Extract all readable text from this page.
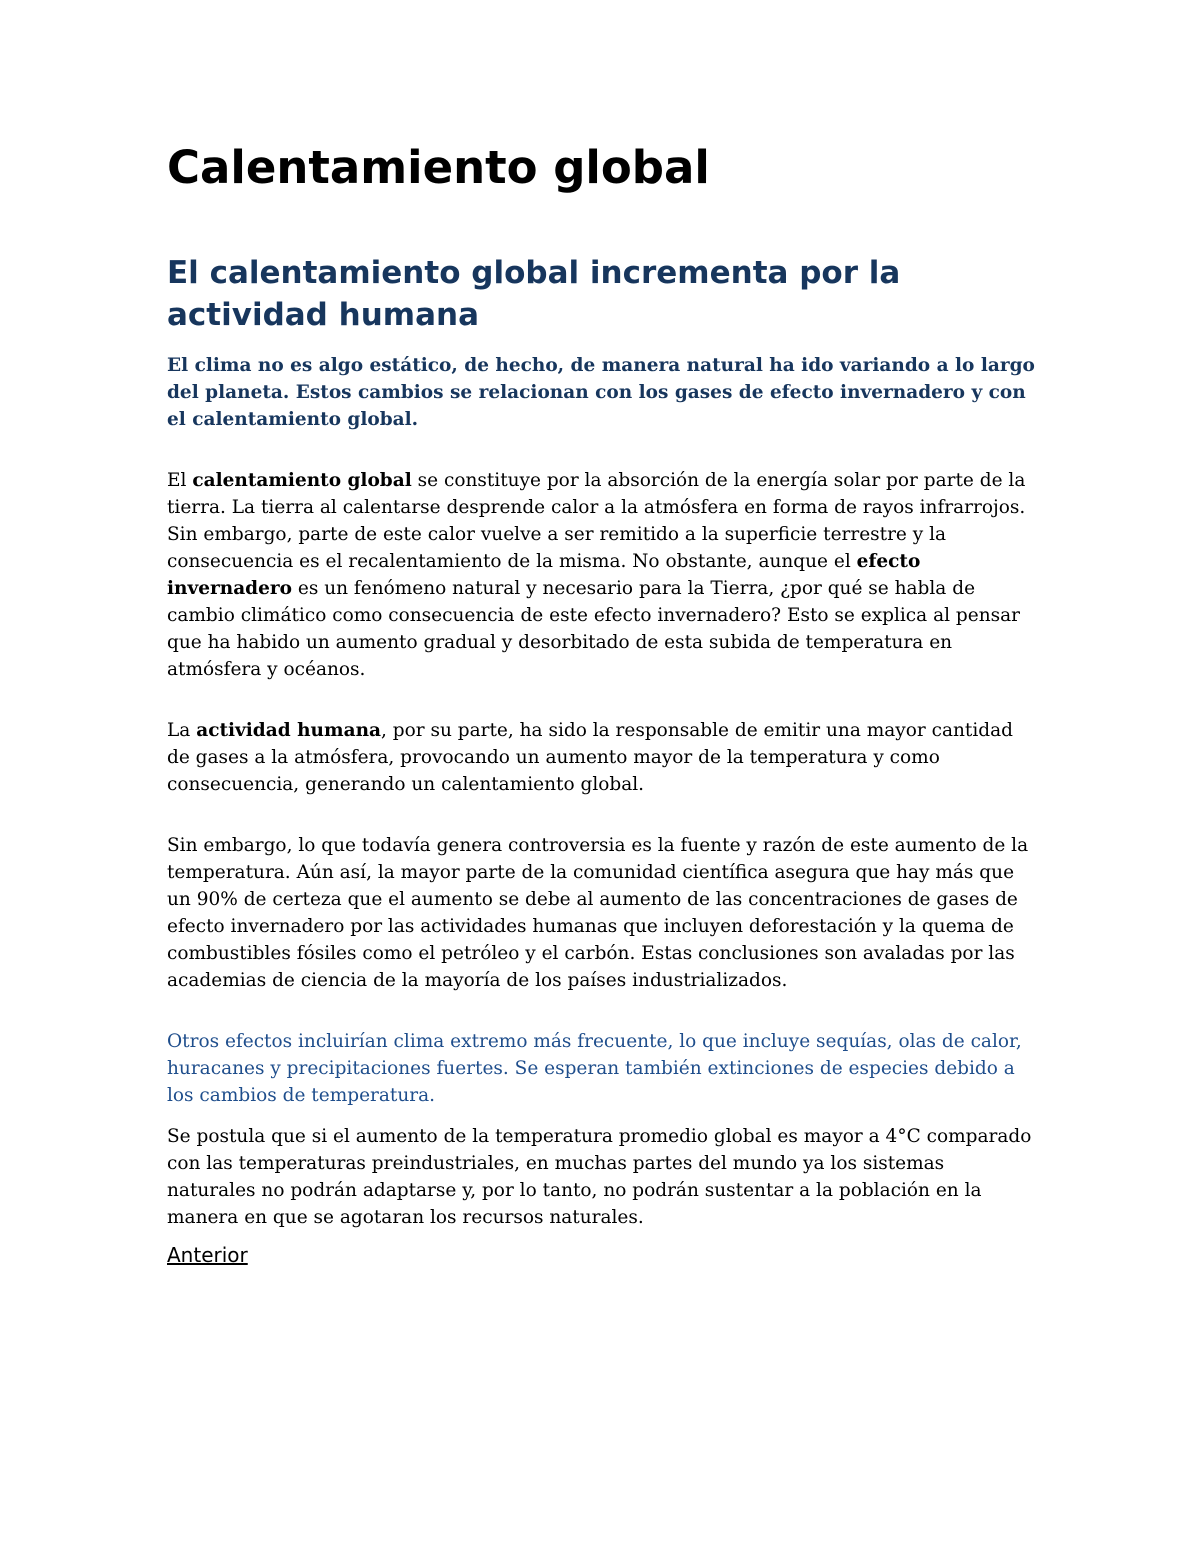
Calentamiento global
El calentamiento global incrementa por la actividad humana

El clima no es algo estático, de hecho, de manera natural ha ido variando a lo largo del planeta. Estos cambios se relacionan con los gases de efecto invernadero y con el calentamiento global.

El calentamiento global se constituye por la absorción de la energía solar por parte de la tierra. La tierra al calentarse desprende calor a la atmósfera en forma de rayos infrarrojos. Sin embargo, parte de este calor vuelve a ser remitido a la superficie terrestre y la consecuencia es el recalentamiento de la misma. No obstante, aunque el efecto invernadero es un fenómeno natural y necesario para la Tierra, ¿por qué se habla de cambio climático como consecuencia de este efecto invernadero? Esto se explica al pensar que ha habido un aumento gradual y desorbitado de esta subida de temperatura en atmósfera y océanos.

La actividad humana, por su parte, ha sido la responsable de emitir una mayor cantidad de gases a la atmósfera, provocando un aumento mayor de la temperatura y como consecuencia, generando un calentamiento global.

Sin embargo, lo que todavía genera controversia es la fuente y razón de este aumento de la temperatura. Aún así, la mayor parte de la comunidad científica asegura que hay más que un 90% de certeza que el aumento se debe al aumento de las concentraciones de gases de efecto invernadero por las actividades humanas que incluyen deforestación y la quema de combustibles fósiles como el petróleo y el carbón. Estas conclusiones son avaladas por las academias de ciencia de la mayoría de los países industrializados.

Otros efectos incluirían clima extremo más frecuente, lo que incluye sequías, olas de calor, huracanes y precipitaciones fuertes. Se esperan también extinciones de especies debido a los cambios de temperatura.

Se postula que si el aumento de la temperatura promedio global es mayor a 4°C comparado con las temperaturas preindustriales, en muchas partes del mundo ya los sistemas naturales no podrán adaptarse y, por lo tanto, no podrán sustentar a la población en la manera en que se agotaran los recursos naturales.

Anterior
